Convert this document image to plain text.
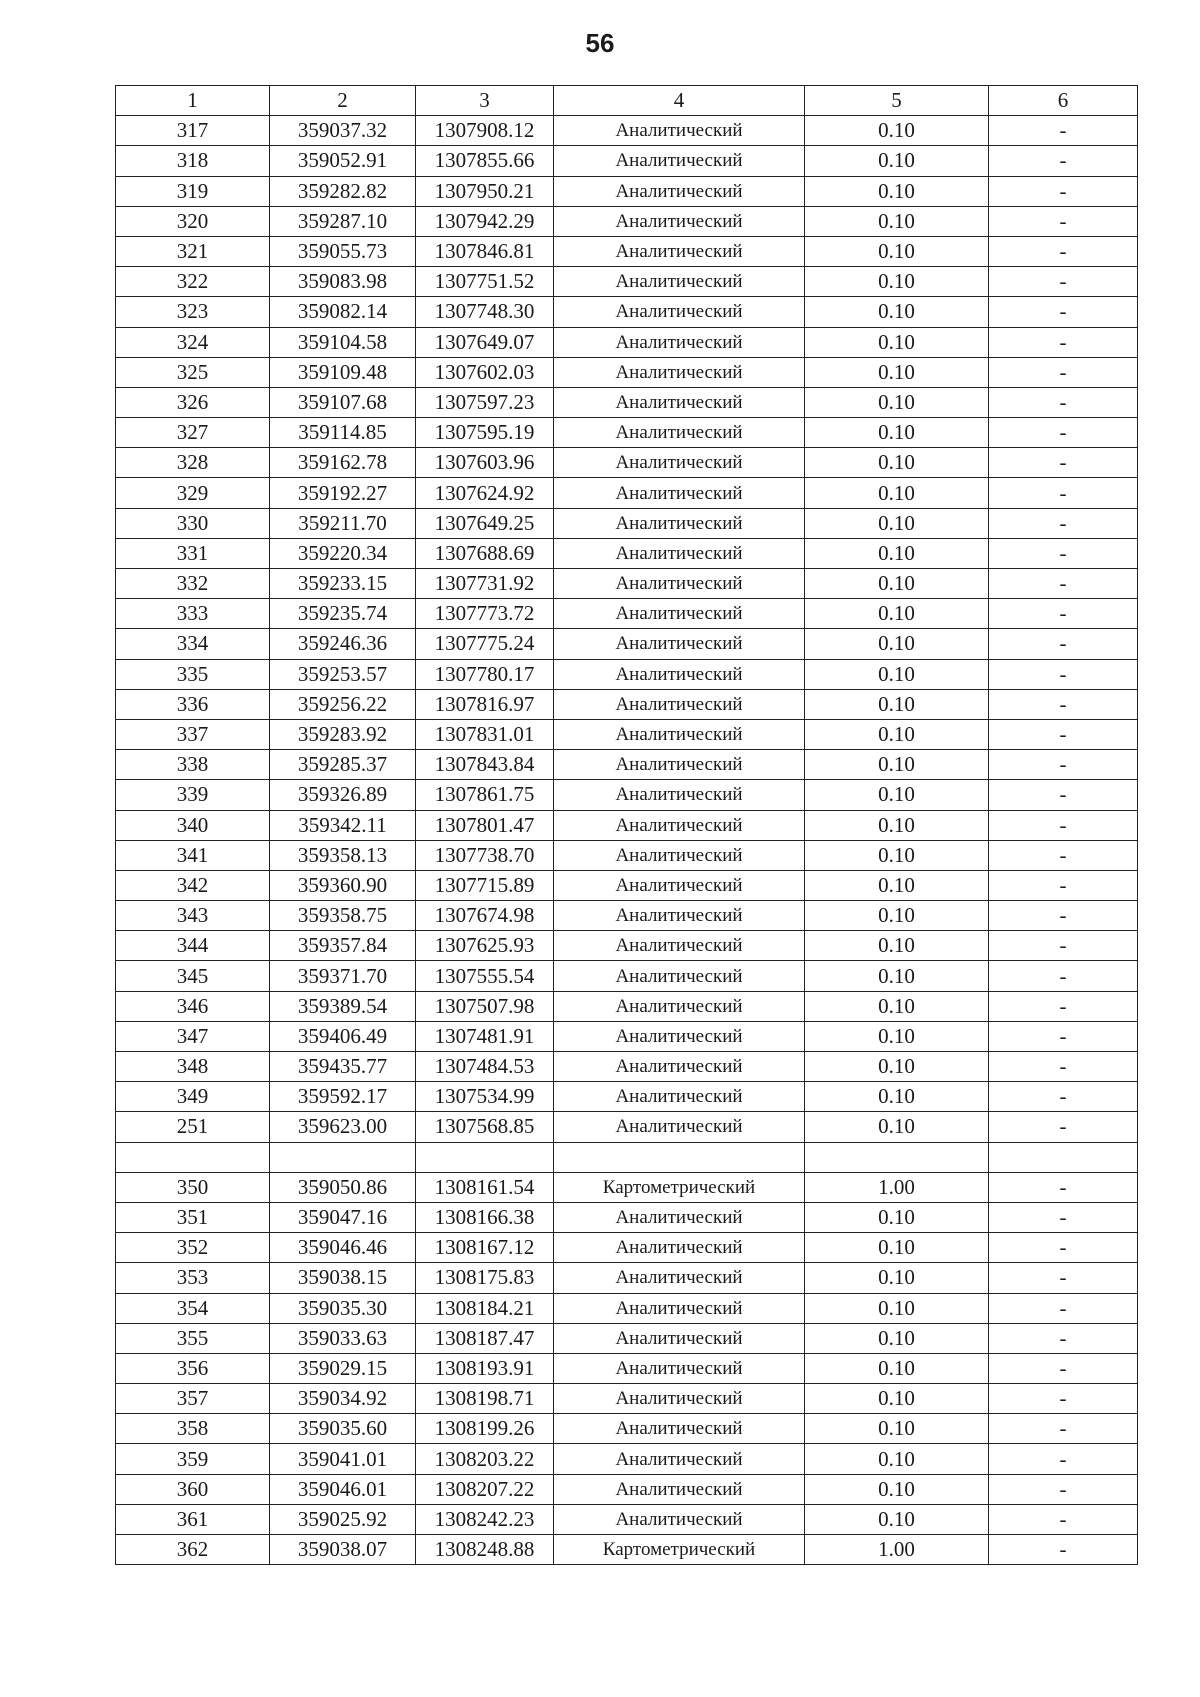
56
1	2	3	4	5	6
317	359037.32	1307908.12	Аналитический	0.10	-
318	359052.91	1307855.66	Аналитический	0.10	-
319	359282.82	1307950.21	Аналитический	0.10	-
320	359287.10	1307942.29	Аналитический	0.10	-
321	359055.73	1307846.81	Аналитический	0.10	-
322	359083.98	1307751.52	Аналитический	0.10	-
323	359082.14	1307748.30	Аналитический	0.10	-
324	359104.58	1307649.07	Аналитический	0.10	-
325	359109.48	1307602.03	Аналитический	0.10	-
326	359107.68	1307597.23	Аналитический	0.10	-
327	359114.85	1307595.19	Аналитический	0.10	-
328	359162.78	1307603.96	Аналитический	0.10	-
329	359192.27	1307624.92	Аналитический	0.10	-
330	359211.70	1307649.25	Аналитический	0.10	-
331	359220.34	1307688.69	Аналитический	0.10	-
332	359233.15	1307731.92	Аналитический	0.10	-
333	359235.74	1307773.72	Аналитический	0.10	-
334	359246.36	1307775.24	Аналитический	0.10	-
335	359253.57	1307780.17	Аналитический	0.10	-
336	359256.22	1307816.97	Аналитический	0.10	-
337	359283.92	1307831.01	Аналитический	0.10	-
338	359285.37	1307843.84	Аналитический	0.10	-
339	359326.89	1307861.75	Аналитический	0.10	-
340	359342.11	1307801.47	Аналитический	0.10	-
341	359358.13	1307738.70	Аналитический	0.10	-
342	359360.90	1307715.89	Аналитический	0.10	-
343	359358.75	1307674.98	Аналитический	0.10	-
344	359357.84	1307625.93	Аналитический	0.10	-
345	359371.70	1307555.54	Аналитический	0.10	-
346	359389.54	1307507.98	Аналитический	0.10	-
347	359406.49	1307481.91	Аналитический	0.10	-
348	359435.77	1307484.53	Аналитический	0.10	-
349	359592.17	1307534.99	Аналитический	0.10	-
251	359623.00	1307568.85	Аналитический	0.10	-

350	359050.86	1308161.54	Картометрический	1.00	-
351	359047.16	1308166.38	Аналитический	0.10	-
352	359046.46	1308167.12	Аналитический	0.10	-
353	359038.15	1308175.83	Аналитический	0.10	-
354	359035.30	1308184.21	Аналитический	0.10	-
355	359033.63	1308187.47	Аналитический	0.10	-
356	359029.15	1308193.91	Аналитический	0.10	-
357	359034.92	1308198.71	Аналитический	0.10	-
358	359035.60	1308199.26	Аналитический	0.10	-
359	359041.01	1308203.22	Аналитический	0.10	-
360	359046.01	1308207.22	Аналитический	0.10	-
361	359025.92	1308242.23	Аналитический	0.10	-
362	359038.07	1308248.88	Картометрический	1.00	-
